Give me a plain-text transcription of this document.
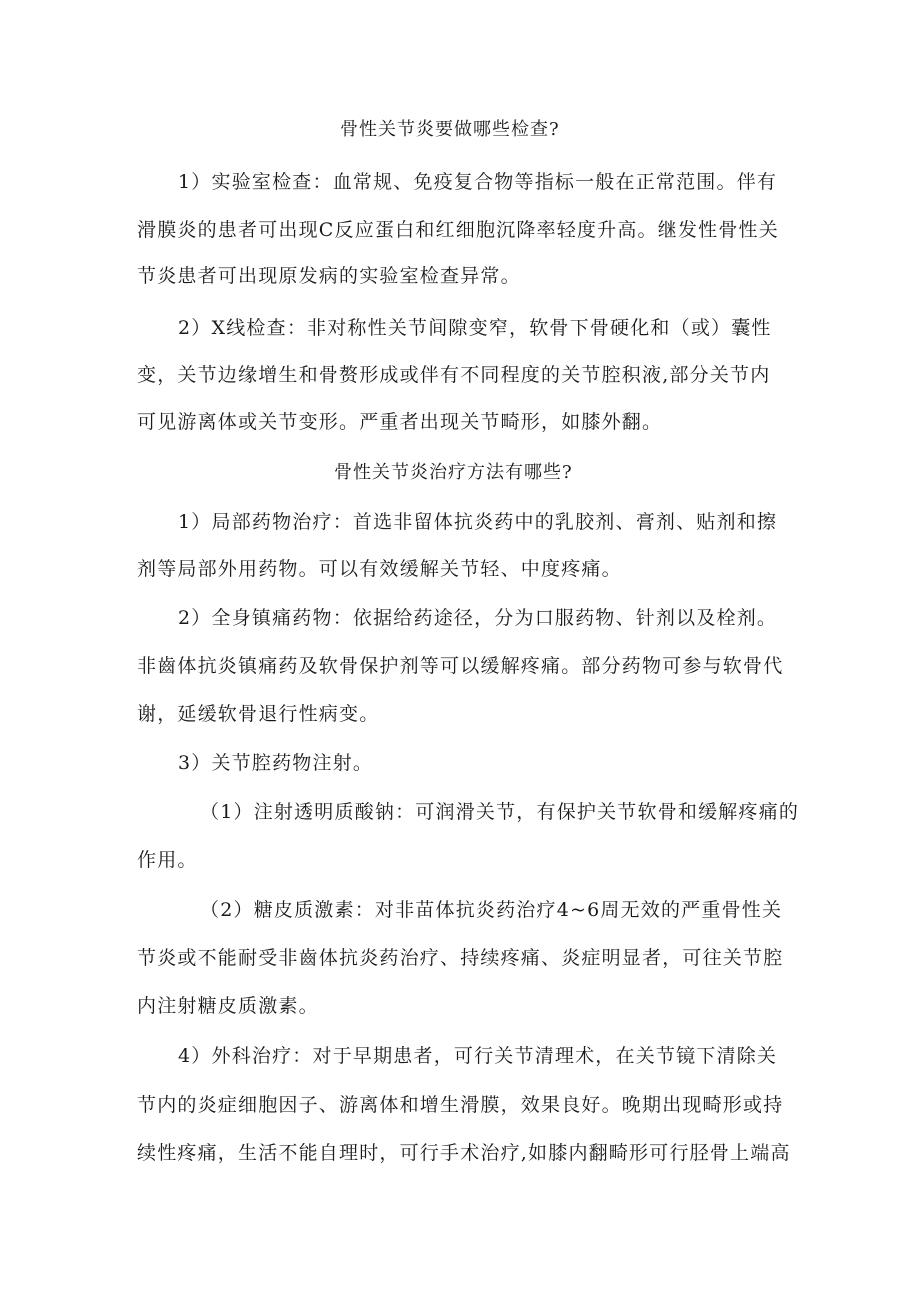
骨性关节炎要做哪些检查?
1）实验室检查：血常规、免疫复合物等指标一般在正常范围。伴有
滑膜炎的患者可出现C反应蛋白和红细胞沉降率轻度升高。继发性骨性关
节炎患者可出现原发病的实验室检查异常。
2）X线检查：非对称性关节间隙变窄，软骨下骨硬化和（或）囊性
变，关节边缘增生和骨赘形成或伴有不同程度的关节腔积液,部分关节内
可见游离体或关节变形。严重者出现关节畸形，如膝外翻。
骨性关节炎治疗方法有哪些?
1）局部药物治疗：首选非留体抗炎药中的乳胶剂、膏剂、贴剂和擦
剂等局部外用药物。可以有效缓解关节轻、中度疼痛。
2）全身镇痛药物：依据给药途径，分为口服药物、针剂以及栓剂。
非齒体抗炎镇痛药及软骨保护剂等可以缓解疼痛。部分药物可参与软骨代
谢，延缓软骨退行性病变。
3）关节腔药物注射。
（1）注射透明质酸钠：可润滑关节，有保护关节软骨和缓解疼痛的
作用。
（2）糖皮质激素：对非苗体抗炎药治疗4~6周无效的严重骨性关
节炎或不能耐受非齒体抗炎药治疗、持续疼痛、炎症明显者，可往关节腔
内注射糖皮质激素。
4）外科治疗：对于早期患者，可行关节清理术，在关节镜下清除关
节内的炎症细胞因子、游离体和增生滑膜，效果良好。晚期出现畸形或持
续性疼痛，生活不能自理时，可行手术治疗,如膝内翻畸形可行胫骨上端高
